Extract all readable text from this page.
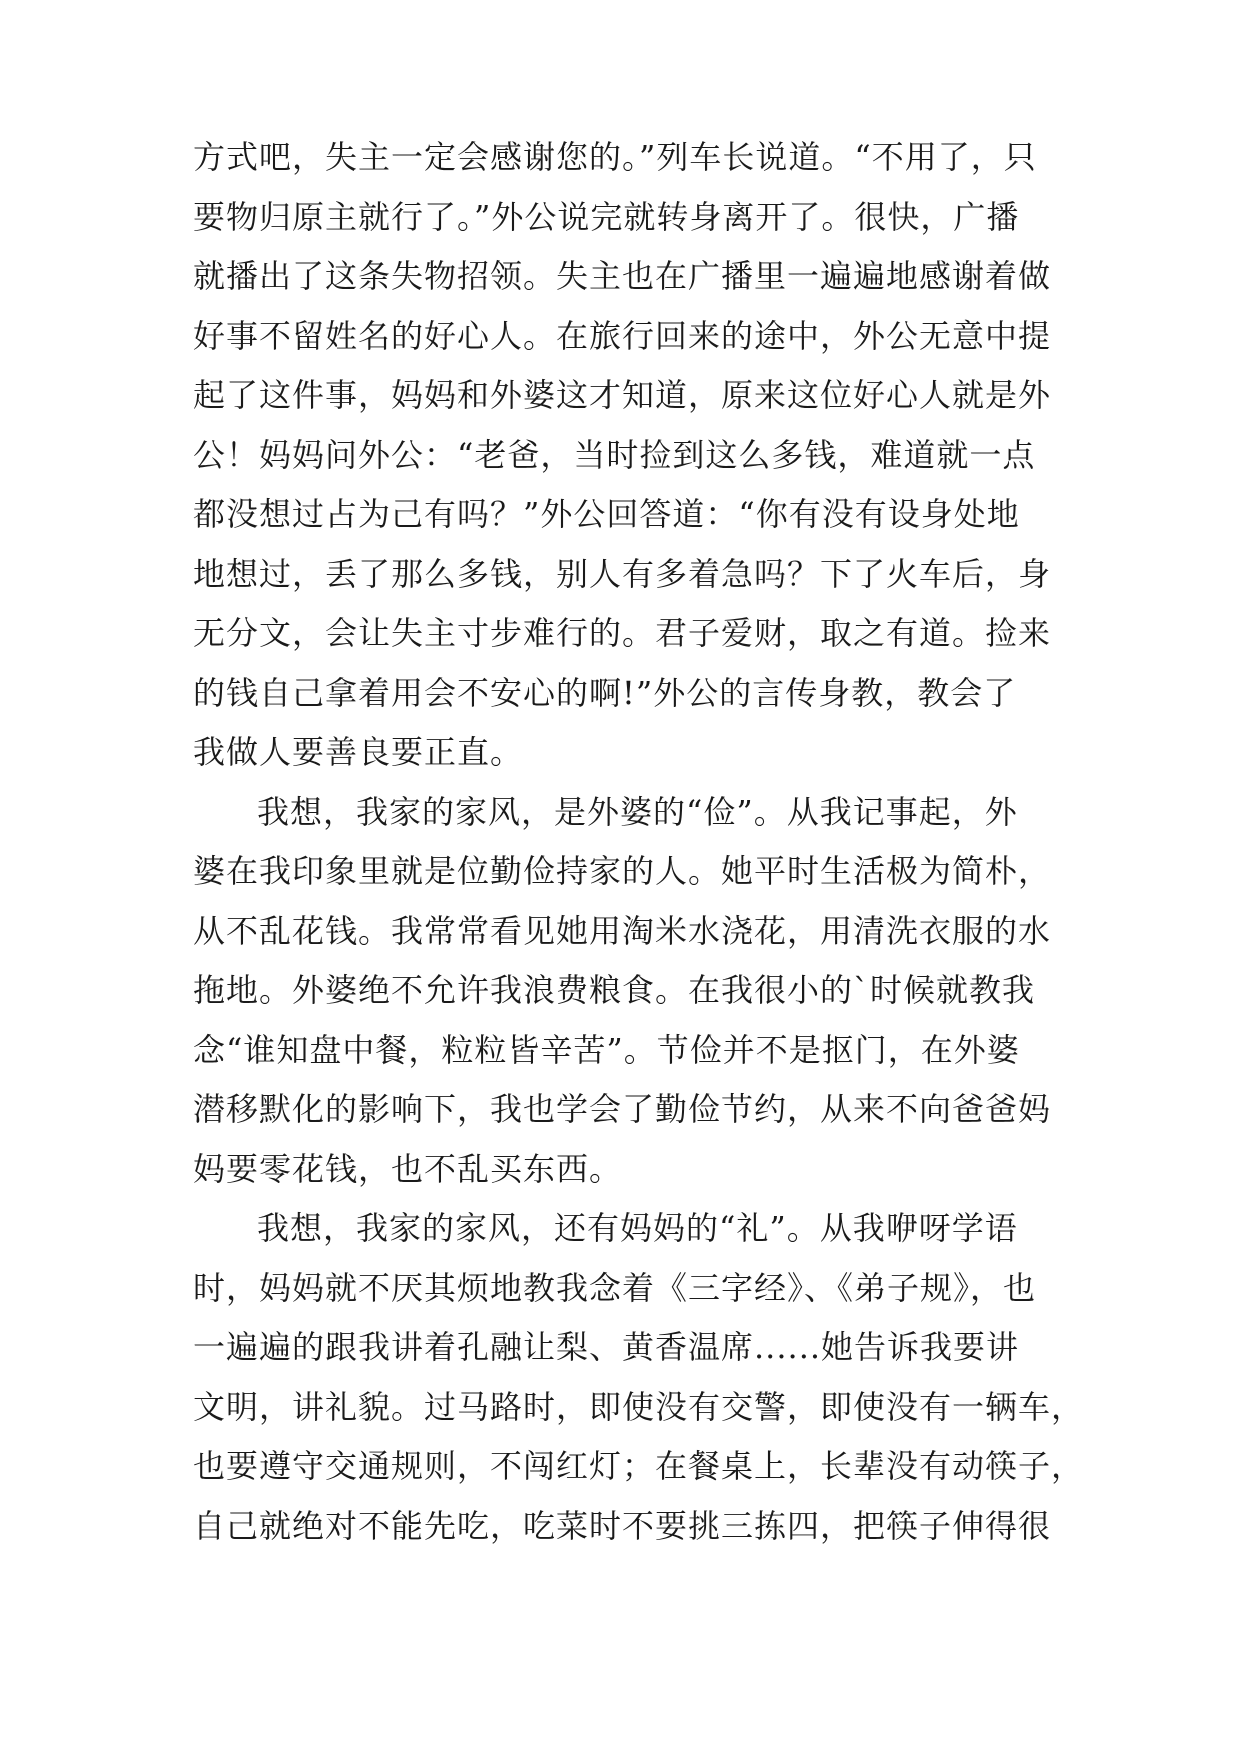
方式吧，失主一定会感谢您的。”列车长说道。“不用了，只
要物归原主就行了。”外公说完就转身离开了。很快，广播
就播出了这条失物招领。失主也在广播里一遍遍地感谢着做
好事不留姓名的好心人。在旅行回来的途中，外公无意中提
起了这件事，妈妈和外婆这才知道，原来这位好心人就是外
公！妈妈问外公：“老爸，当时捡到这么多钱，难道就一点
都没想过占为己有吗？”外公回答道：“你有没有设身处地
地想过，丢了那么多钱，别人有多着急吗？下了火车后，身
无分文，会让失主寸步难行的。君子爱财，取之有道。捡来
的钱自己拿着用会不安心的啊!”外公的言传身教，教会了
我做人要善良要正直。
我想，我家的家风，是外婆的“俭”。从我记事起，外
婆在我印象里就是位勤俭持家的人。她平时生活极为简朴，
从不乱花钱。我常常看见她用淘米水浇花，用清洗衣服的水
拖地。外婆绝不允许我浪费粮食。在我很小的`时候就教我
念“谁知盘中餐，粒粒皆辛苦”。节俭并不是抠门，在外婆
潜移默化的影响下，我也学会了勤俭节约，从来不向爸爸妈
妈要零花钱，也不乱买东西。
我想，我家的家风，还有妈妈的“礼”。从我咿呀学语
时，妈妈就不厌其烦地教我念着《三字经》、《弟子规》，也
一遍遍的跟我讲着孔融让梨、黄香温席......她告诉我要讲
文明，讲礼貌。过马路时，即使没有交警，即使没有一辆车，
也要遵守交通规则，不闯红灯；在餐桌上，长辈没有动筷子，
自己就绝对不能先吃，吃菜时不要挑三拣四，把筷子伸得很
